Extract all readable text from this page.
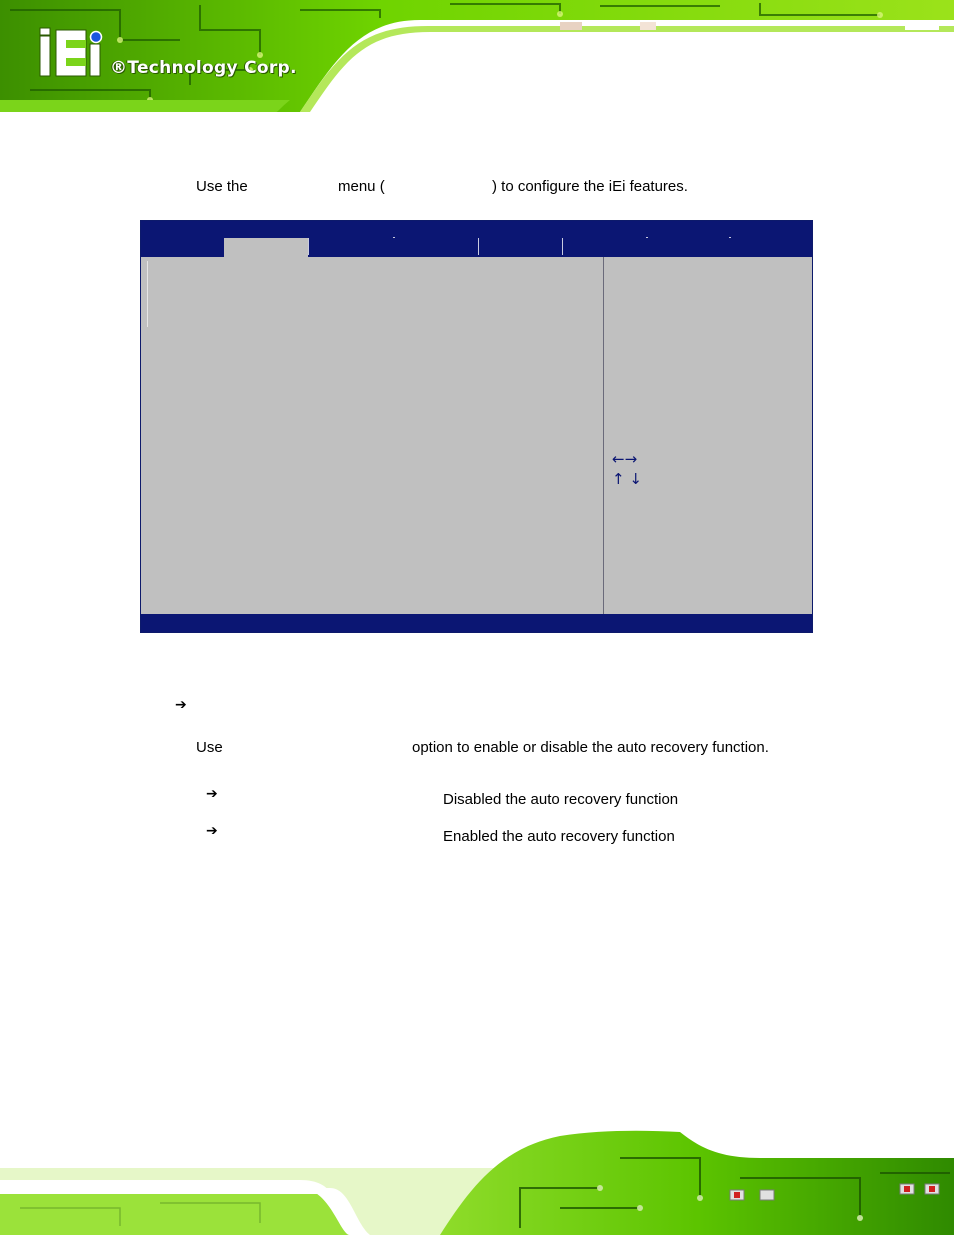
®Technology Corp.
Use the	menu (	) to configure the iEi features.
←→
↑ ↓
➔
Use	option to enable or disable the auto recovery function.
➔	Disabled the auto recovery function
➔	Enabled the auto recovery function
